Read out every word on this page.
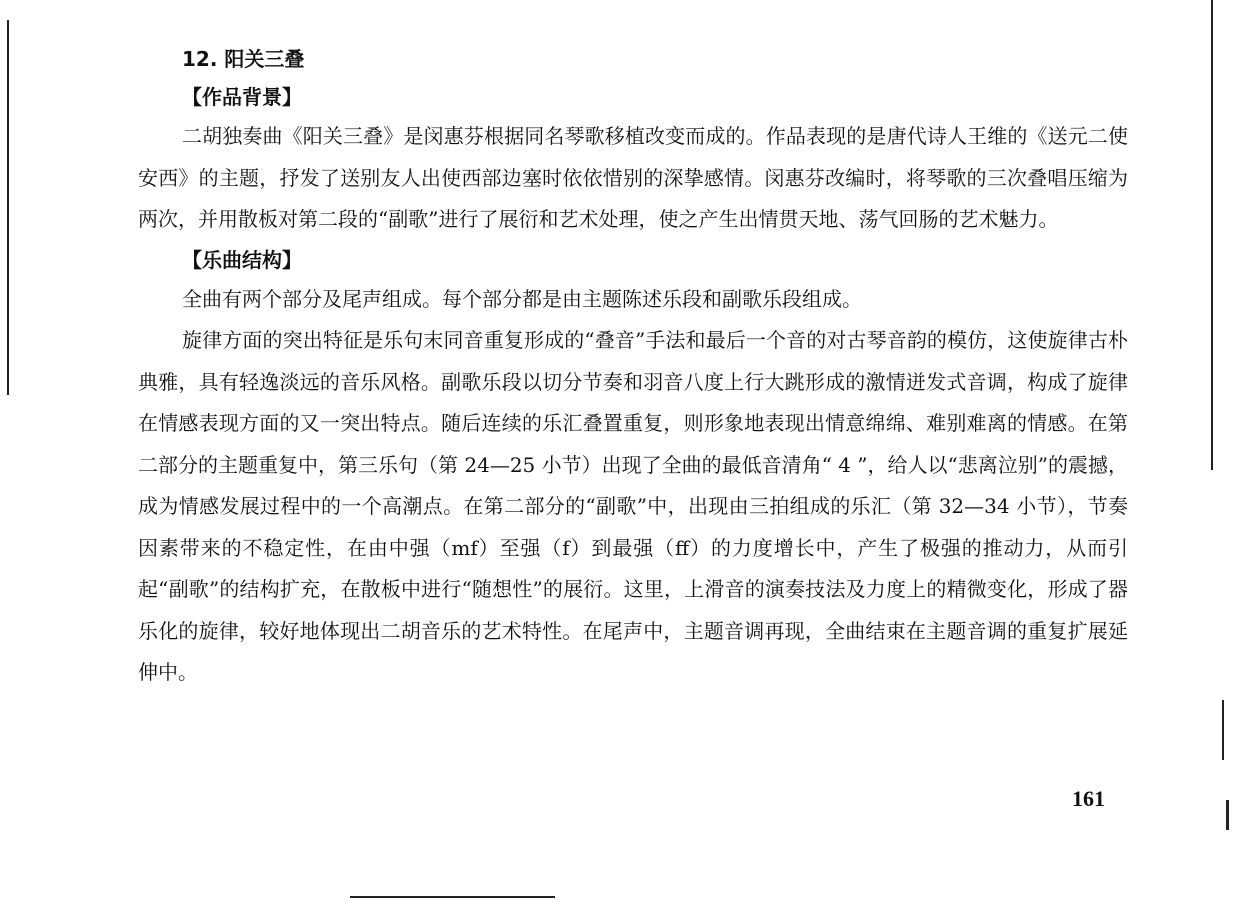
12. 阳关三叠
【作品背景】

二胡独奏曲《阳关三叠》是闵惠芬根据同名琴歌移植改变而成的。作品表现的是唐代诗人王维的《送元二使安西》的主题，抒发了送别友人出使西部边塞时依依惜别的深挚感情。闵惠芬改编时，将琴歌的三次叠唱压缩为两次，并用散板对第二段的“副歌”进行了展衍和艺术处理，使之产生出情贯天地、荡气回肠的艺术魅力。

【乐曲结构】

全曲有两个部分及尾声组成。每个部分都是由主题陈述乐段和副歌乐段组成。

旋律方面的突出特征是乐句末同音重复形成的“叠音”手法和最后一个音的对古琴音韵的模仿，这使旋律古朴典雅，具有轻逸淡远的音乐风格。副歌乐段以切分节奏和羽音八度上行大跳形成的激情迸发式音调，构成了旋律在情感表现方面的又一突出特点。随后连续的乐汇叠置重复，则形象地表现出情意绵绵、难别难离的情感。在第二部分的主题重复中，第三乐句（第 24—25 小节）出现了全曲的最低音清角“ 4 ”，给人以“悲离泣别”的震撼，成为情感发展过程中的一个高潮点。在第二部分的“副歌”中，出现由三拍组成的乐汇（第 32—34 小节），节奏因素带来的不稳定性，在由中强（mf）至强（f）到最强（ff）的力度增长中，产生了极强的推动力，从而引起“副歌”的结构扩充，在散板中进行“随想性”的展衍。这里，上滑音的演奏技法及力度上的精微变化，形成了器乐化的旋律，较好地体现出二胡音乐的艺术特性。在尾声中，主题音调再现，全曲结束在主题音调的重复扩展延伸中。

161
